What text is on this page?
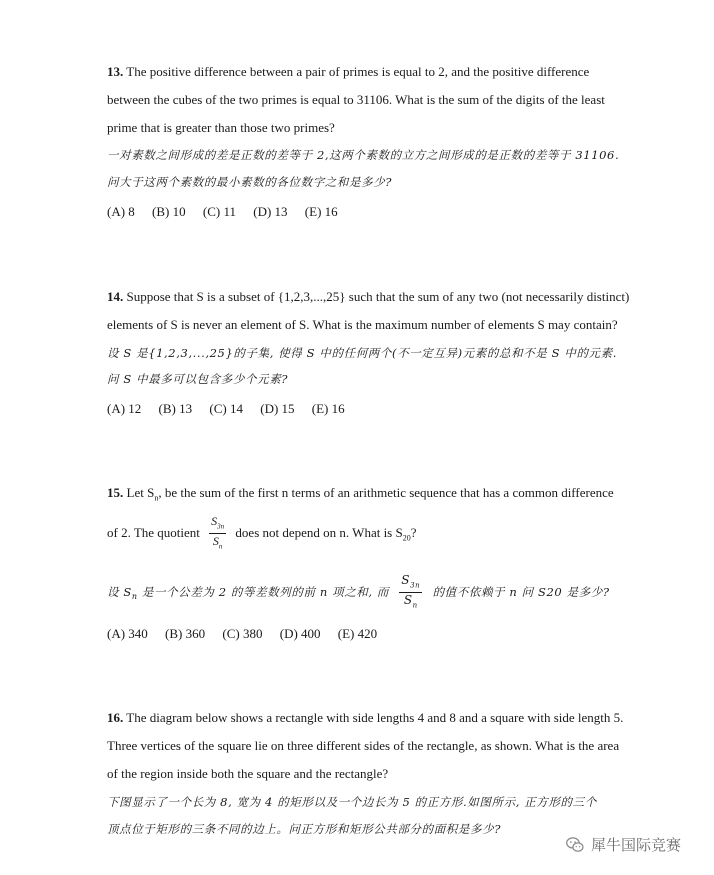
13. The positive difference between a pair of primes is equal to 2, and the positive difference
between the cubes of the two primes is equal to 31106. What is the sum of the digits of the least
prime that is greater than those two primes?
一对素数之间形成的差是正数的差等于 2,这两个素数的立方之间形成的是正数的差等于 31106.
问大于这两个素数的最小素数的各位数字之和是多少?
(A) 8 (B) 10 (C) 11 (D) 13 (E) 16
14. Suppose that S is a subset of {1,2,3,...,25} such that the sum of any two (not necessarily distinct)
elements of S is never an element of S. What is the maximum number of elements S may contain?
设 S 是{1,2,3,...,25}的子集, 使得 S 中的任何两个(不一定互异)元素的总和不是 S 中的元素.
问 S 中最多可以包含多少个元素?
(A) 12 (B) 13 (C) 14 (D) 15 (E) 16
15. Let $S_n$, be the sum of the first n terms of an arithmetic sequence that has a common difference
of 2. The quotient $\frac{S_{3n}}{S_n}$ does not depend on n. What is $S_{20}$?
设 $S_n$ 是一个公差为 2 的等差数列的前 n 项之和, 而 $\frac{S_{3n}}{S_n}$ 的值不依赖于 n 问 S20 是多少?
(A) 340 (B) 360 (C) 380 (D) 400 (E) 420
16. The diagram below shows a rectangle with side lengths 4 and 8 and a square with side length 5.
Three vertices of the square lie on three different sides of the rectangle, as shown. What is the area
of the region inside both the square and the rectangle?
下图显示了一个长为 8, 宽为 4 的矩形以及一个边长为 5 的正方形.如图所示, 正方形的三个
顶点位于矩形的三条不同的边上。问正方形和矩形公共部分的面积是多少?
犀牛国际竞赛
